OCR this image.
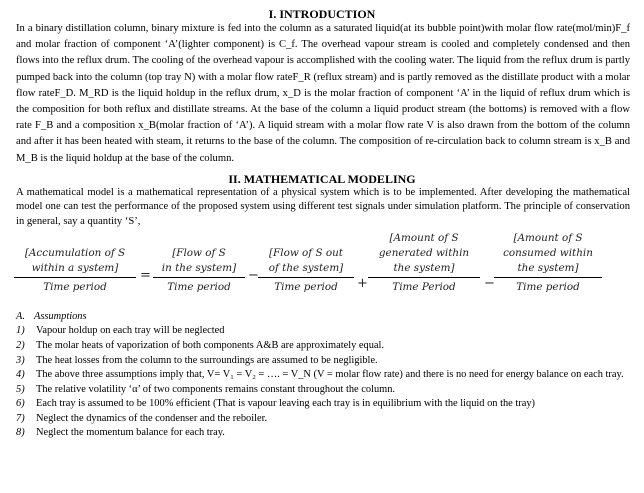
I. INTRODUCTION

In a binary distillation column, binary mixture is fed into the column as a saturated liquid(at its bubble point)with molar flow rate(mol/min)F_f and molar fraction of component ‘A’(lighter component) is C_f. The overhead vapour stream is cooled and completely condensed and then flows into the reflux drum. The cooling of the overhead vapour is accomplished with the cooling water. The liquid from the reflux drum is partly pumped back into the column (top tray N) with a molar flow rateF_R (reflux stream) and is partly removed as the distillate product with a molar flow rateF_D. M_RD is the liquid holdup in the reflux drum, x_D is the molar fraction of component ‘A’ in the liquid of reflux drum which is the composition for both reflux and distillate streams. At the base of the column a liquid product stream (the bottoms) is removed with a flow rate F_B and a composition x_B(molar fraction of ‘A’). A liquid stream with a molar flow rate V is also drawn from the bottom of the column and after it has been heated with steam, it returns to the base of the column. The composition of re-circulation back to column stream is x_B and M_B is the liquid holdup at the base of the column.

II. MATHEMATICAL MODELING

A mathematical model is a mathematical representation of a physical system which is to be implemented. After developing the mathematical model one can test the performance of the proposed system using different test signals under simulation platform. The principle of conservation in general, say a quantity ‘S’,

[Accumulation of S
within a system]
Time period
=
[Flow of S
in the system]
Time period
−
[Flow of S out
of the system]
Time period	+
[Amount of S
generated within
the system]
Time Period	−
[Amount of S
consumed within
the system]
Time period
A. Assumptions
1) Vapour holdup on each tray will be neglected
2) The molar heats of vaporization of both components A&B are approximately equal.
3) The heat losses from the column to the surroundings are assumed to be negligible.
4) The above three assumptions imply that, V= V₁ = V₂ = …. = V_N (V = molar flow rate) and there is no need for energy balance on each tray.
5) The relative volatility ‘α’ of two components remains constant throughout the column.
6) Each tray is assumed to be 100% efficient (That is vapour leaving each tray is in equilibrium with the liquid on the tray)
7) Neglect the dynamics of the condenser and the reboiler.
8) Neglect the momentum balance for each tray.
